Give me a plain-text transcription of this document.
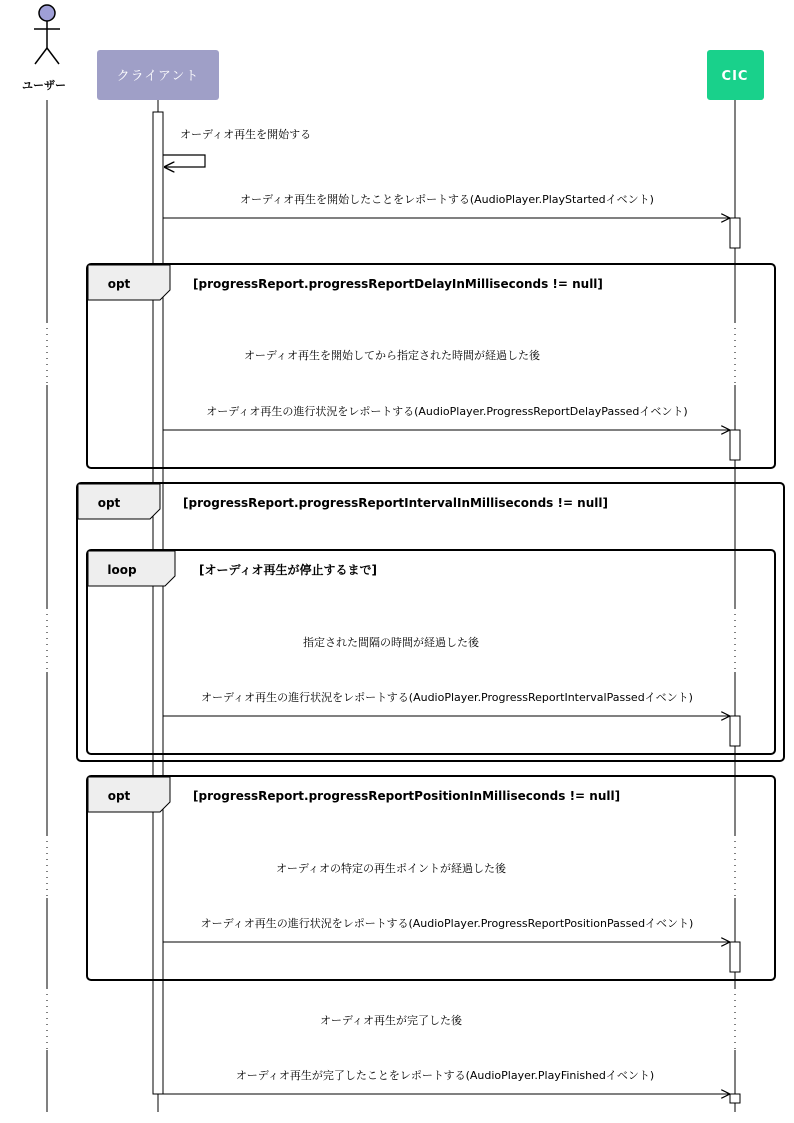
ユーザー
クライアント	CIC
オーディオ再生を開始する
オーディオ再生を開始したことをレポートする(AudioPlayer.PlayStartedイベント)
opt	[progressReport.progressReportDelayInMilliseconds != null]
オーディオ再生を開始してから指定された時間が経過した後
オーディオ再生の進行状況をレポートする(AudioPlayer.ProgressReportDelayPassedイベント)
opt	[progressReport.progressReportIntervalInMilliseconds != null]
loop	[オーディオ再生が停止するまで]
指定された間隔の時間が経過した後
オーディオ再生の進行状況をレポートする(AudioPlayer.ProgressReportIntervalPassedイベント)
opt	[progressReport.progressReportPositionInMilliseconds != null]
オーディオの特定の再生ポイントが経過した後
オーディオ再生の進行状況をレポートする(AudioPlayer.ProgressReportPositionPassedイベント)
オーディオ再生が完了した後
オーディオ再生が完了したことをレポートする(AudioPlayer.PlayFinishedイベント)
